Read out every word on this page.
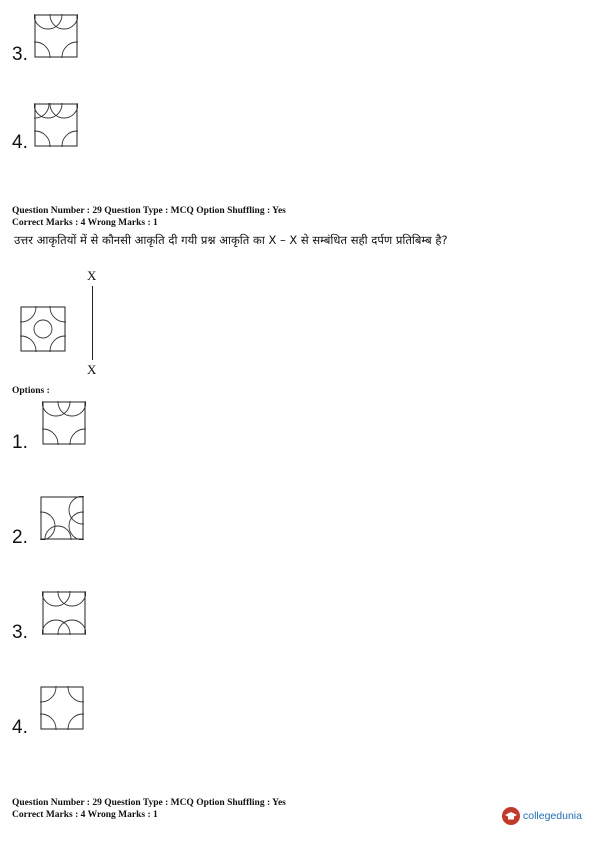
3.
4.
Question Number : 29 Question Type : MCQ Option Shuffling : Yes
Correct Marks : 4 Wrong Marks : 1
उत्तर आकृतियों में से कौनसी आकृति दी गयी प्रश्न आकृति का X – X से सम्बंधित सही दर्पण प्रतिबिम्ब है?
X
X
Options :
1.
2.
3.
4.
Question Number : 29 Question Type : MCQ Option Shuffling : Yes
Correct Marks : 4 Wrong Marks : 1	collegedunia
